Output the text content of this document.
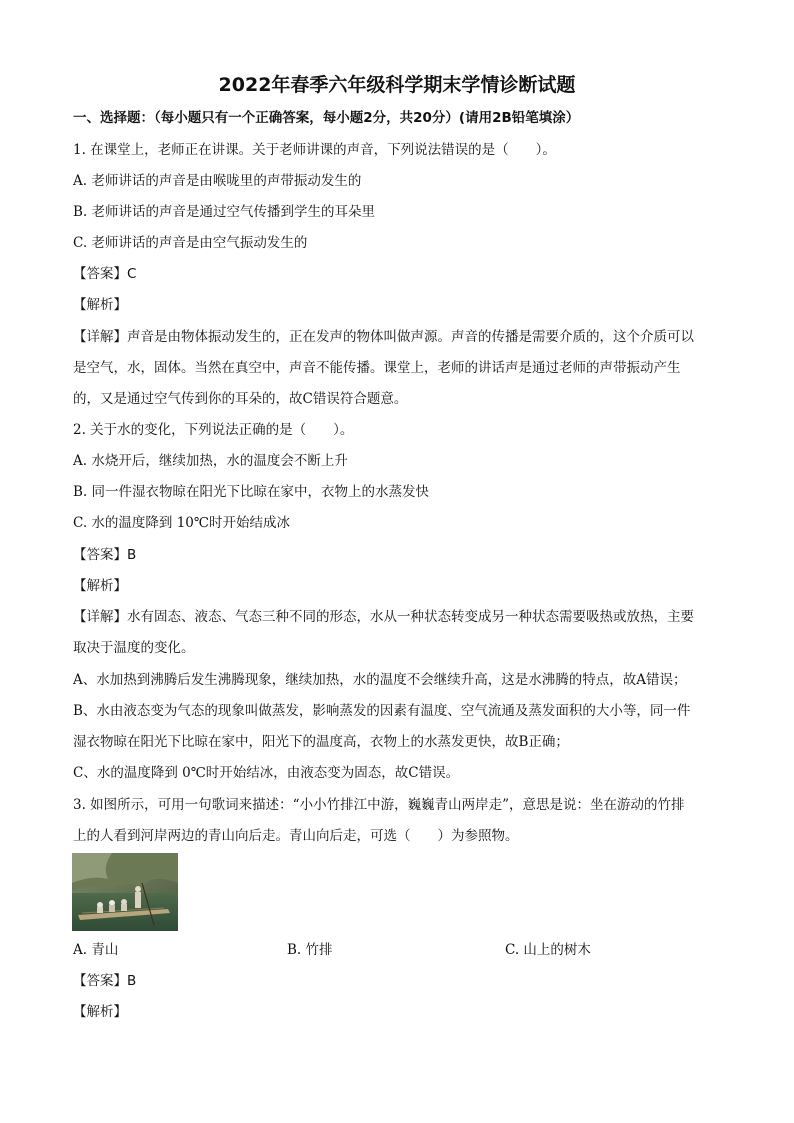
2022年春季六年级科学期末学情诊断试题
一、选择题：（每小题只有一个正确答案，每小题2分，共20分）(请用2B铅笔填涂）
1. 在课堂上，老师正在讲课。关于老师讲课的声音，下列说法错误的是（　　）。
A. 老师讲话的声音是由喉咙里的声带振动发生的
B. 老师讲话的声音是通过空气传播到学生的耳朵里
C. 老师讲话的声音是由空气振动发生的
【答案】C
【解析】
【详解】声音是由物体振动发生的，正在发声的物体叫做声源。声音的传播是需要介质的，这个介质可以
是空气，水，固体。当然在真空中，声音不能传播。课堂上，老师的讲话声是通过老师的声带振动产生
的，又是通过空气传到你的耳朵的，故C错误符合题意。
2. 关于水的变化，下列说法正确的是（　　）。
A. 水烧开后，继续加热，水的温度会不断上升
B. 同一件湿衣物晾在阳光下比晾在家中，衣物上的水蒸发快
C. 水的温度降到 10℃时开始结成冰
【答案】B
【解析】
【详解】水有固态、液态、气态三种不同的形态，水从一种状态转变成另一种状态需要吸热或放热，主要
取决于温度的变化。
A、水加热到沸腾后发生沸腾现象，继续加热，水的温度不会继续升高，这是水沸腾的特点，故A错误；
B、水由液态变为气态的现象叫做蒸发，影响蒸发的因素有温度、空气流通及蒸发面积的大小等，同一件
湿衣物晾在阳光下比晾在家中，阳光下的温度高，衣物上的水蒸发更快，故B正确；
C、水的温度降到 0℃时开始结冰，由液态变为固态，故C错误。
3. 如图所示，可用一句歌词来描述：“小小竹排江中游，巍巍青山两岸走”，意思是说：坐在游动的竹排
上的人看到河岸两边的青山向后走。青山向后走，可选（　　）为参照物。
A. 青山	B. 竹排	C. 山上的树木
【答案】B
【解析】
